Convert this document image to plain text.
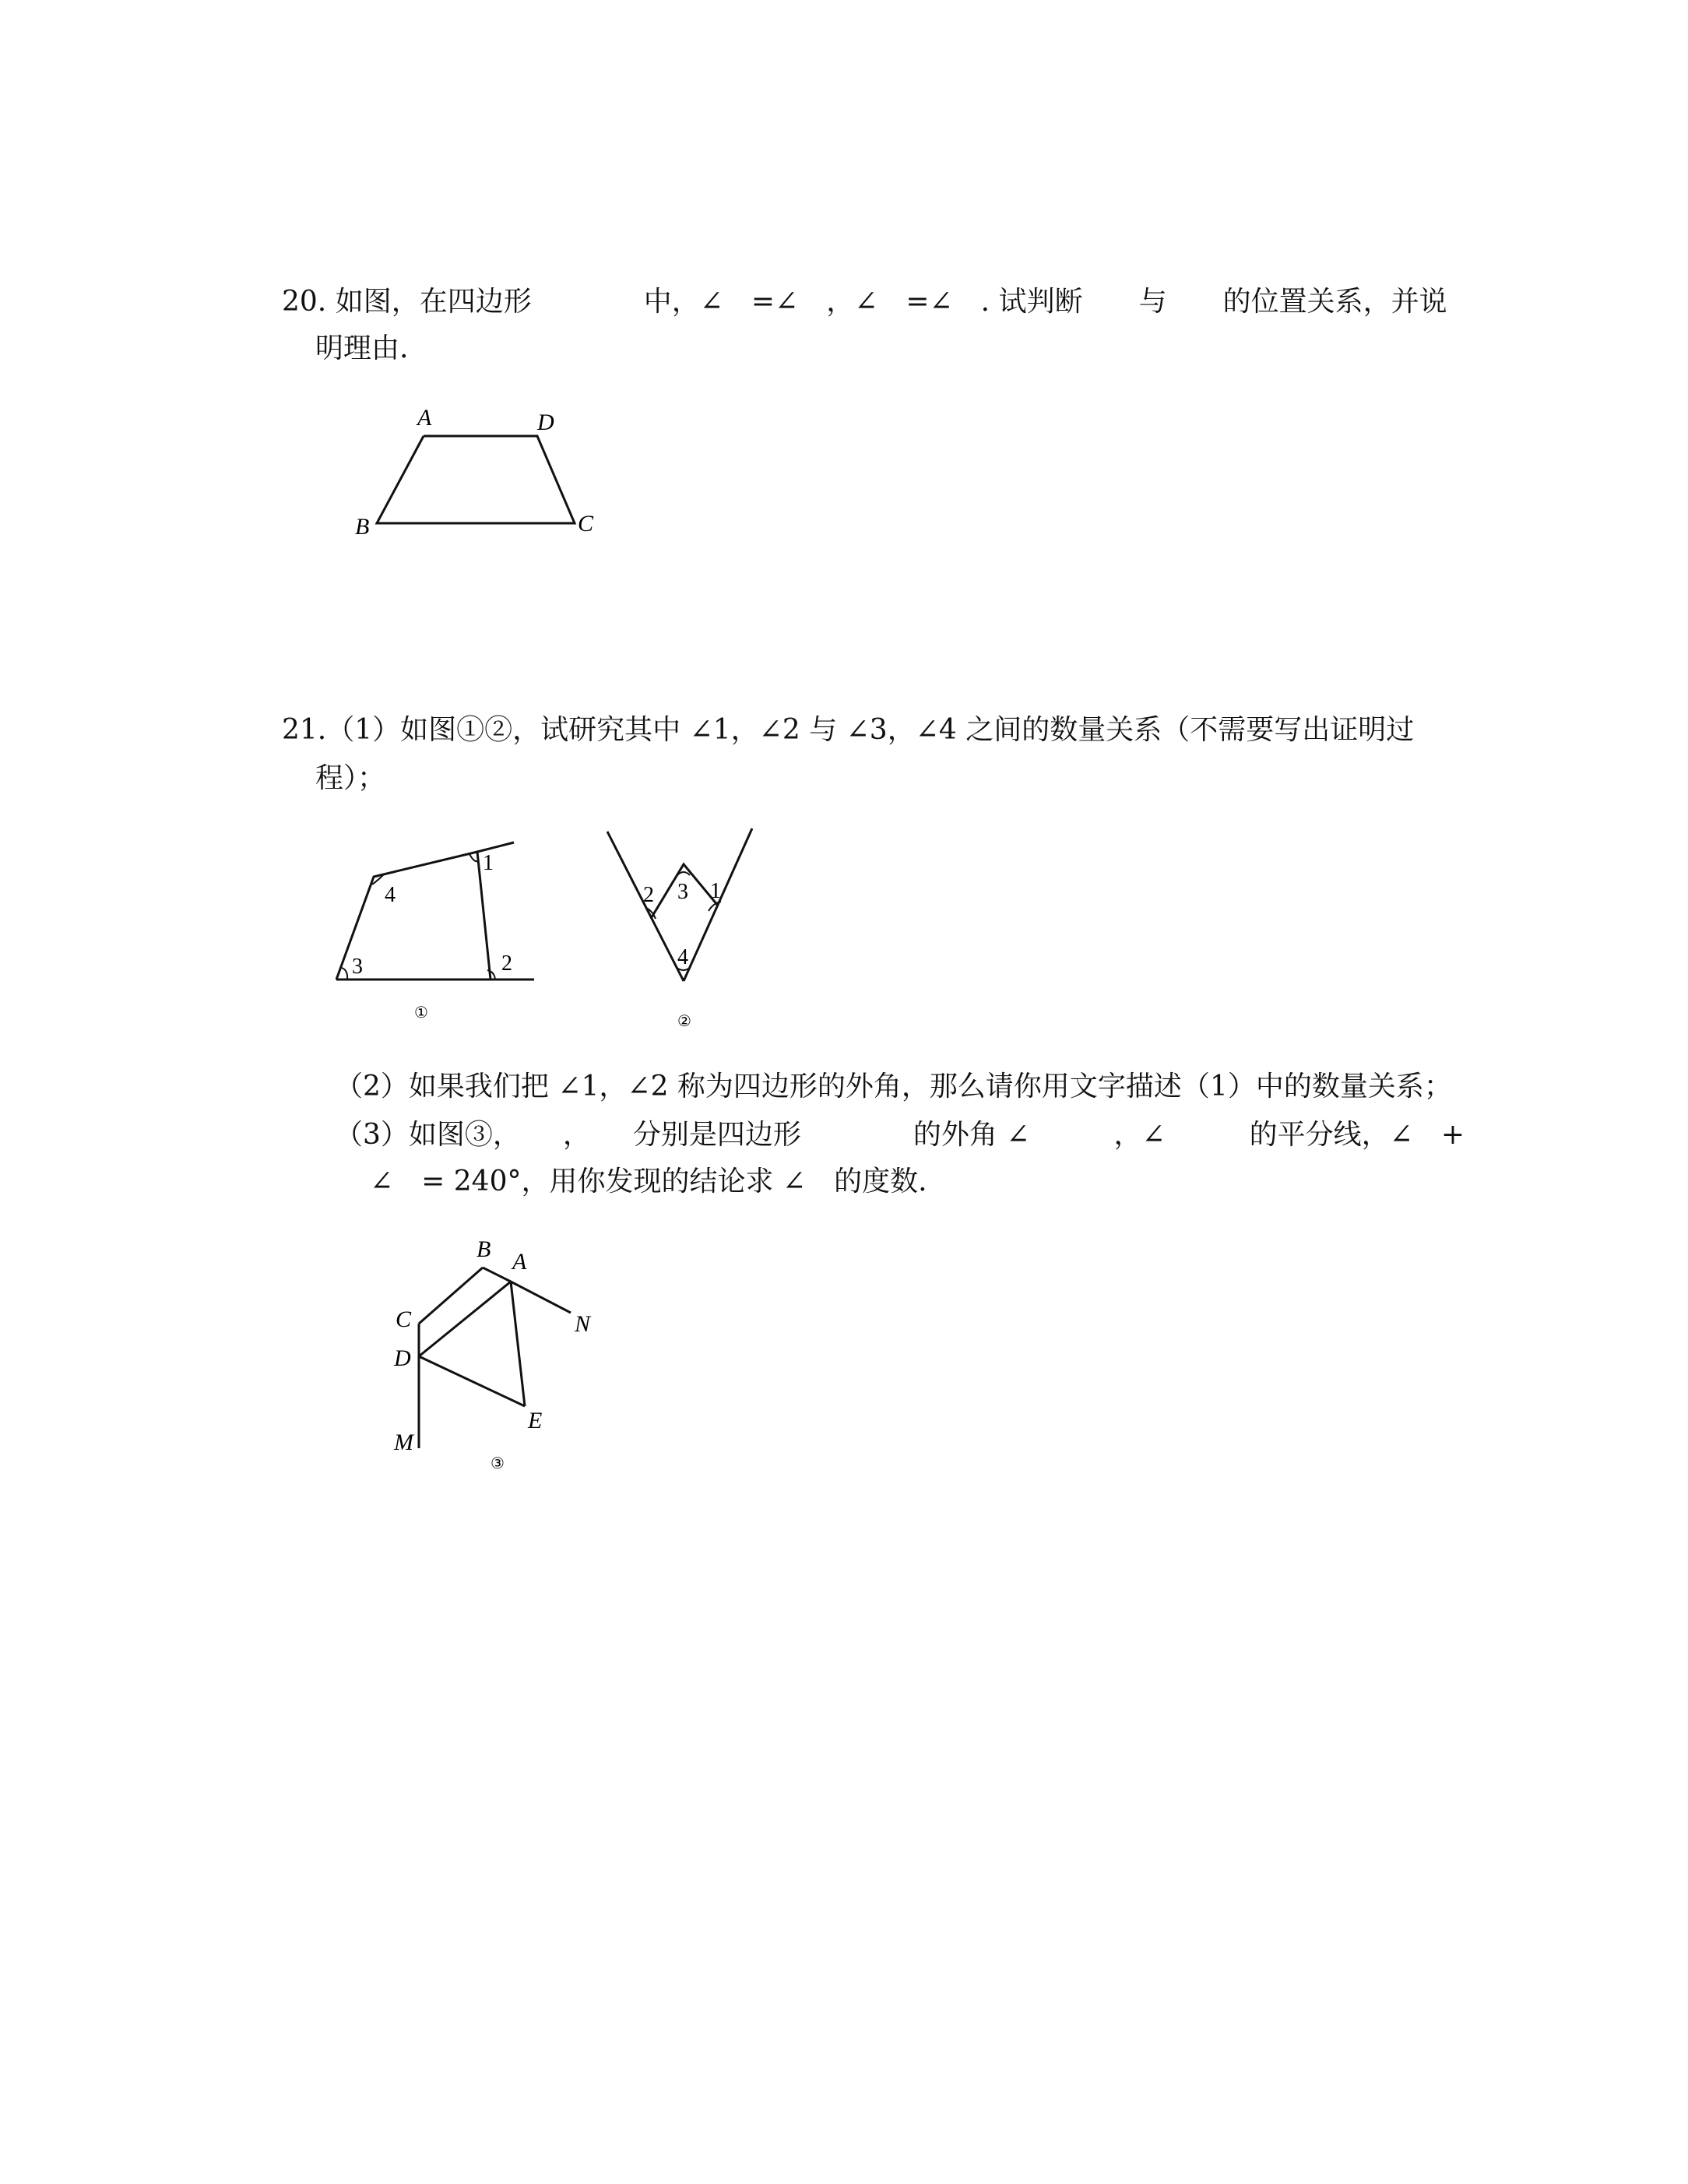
20. 如图，在四边形　　　　中，∠　=∠　，∠　=∠　. 试判断　　与　　的位置关系，并说
明理由.
A	D
B	C
21.（1）如图①②，试研究其中 ∠1，∠2 与 ∠3，∠4 之间的数量关系（不需要写出证明过
程）；
1
2
3
4
①
1
2 3
4
②
（2）如果我们把 ∠1，∠2 称为四边形的外角，那么请你用文字描述（1）中的数量关系；
（3）如图③，　　，　　分别是四边形　　　　的外角 ∠　　　，∠　　　的平分线，∠　+
∠　= 240°，用你发现的结论求 ∠　的度数.
B A
N
C
D
E
M
③
